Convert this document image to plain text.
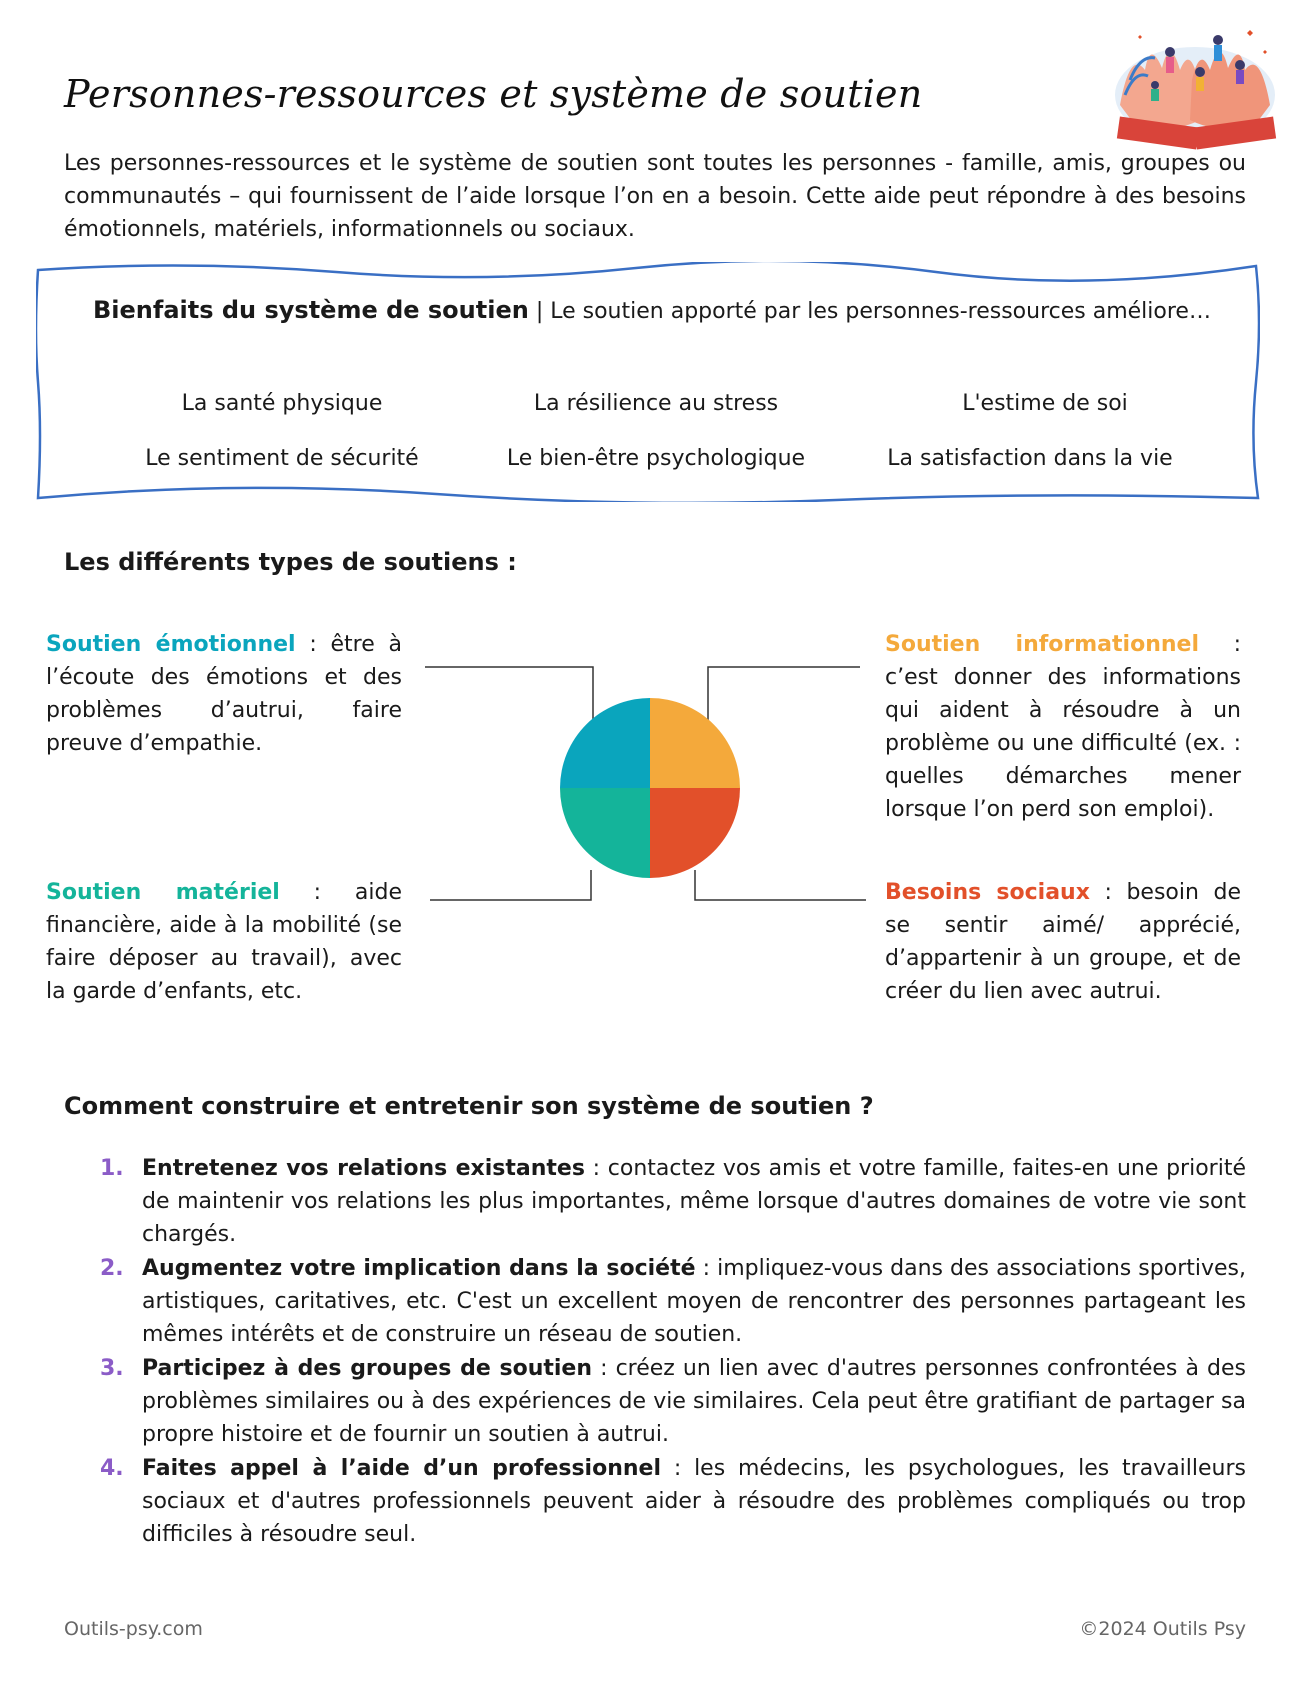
Personnes-ressources et système de soutien
Les personnes-ressources et le système de soutien sont toutes les personnes - famille, amis, groupes ou communautés – qui fournissent de l’aide lorsque l’on en a besoin. Cette aide peut répondre à des besoins émotionnels, matériels, informationnels ou sociaux.
Bienfaits du système de soutien | Le soutien apporté par les personnes-ressources améliore…
La santé physique	La résilience au stress	L'estime de soi
Le sentiment de sécurité	Le bien-être psychologique	La satisfaction dans la vie
Les différents types de soutiens :
Soutien émotionnel : être à l’écoute des émotions et des problèmes d’autrui, faire preuve d’empathie.
Soutien informationnel : c’est donner des informations qui aident à résoudre à un problème ou une difficulté (ex. : quelles démarches mener lorsque l’on perd son emploi).
Soutien matériel : aide financière, aide à la mobilité (se faire déposer au travail), avec la garde d’enfants, etc.
Besoins sociaux : besoin de se sentir aimé/ apprécié, d’appartenir à un groupe, et de créer du lien avec autrui.
Comment construire et entretenir son système de soutien ?
1. Entretenez vos relations existantes : contactez vos amis et votre famille, faites-en une priorité de maintenir vos relations les plus importantes, même lorsque d'autres domaines de votre vie sont chargés.
2. Augmentez votre implication dans la société : impliquez-vous dans des associations sportives, artistiques, caritatives, etc. C'est un excellent moyen de rencontrer des personnes partageant les mêmes intérêts et de construire un réseau de soutien.
3. Participez à des groupes de soutien : créez un lien avec d'autres personnes confrontées à des problèmes similaires ou à des expériences de vie similaires. Cela peut être gratifiant de partager sa propre histoire et de fournir un soutien à autrui.
4. Faites appel à l’aide d’un professionnel : les médecins, les psychologues, les travailleurs sociaux et d'autres professionnels peuvent aider à résoudre des problèmes compliqués ou trop difficiles à résoudre seul.
Outils-psy.com	©2024 Outils Psy
